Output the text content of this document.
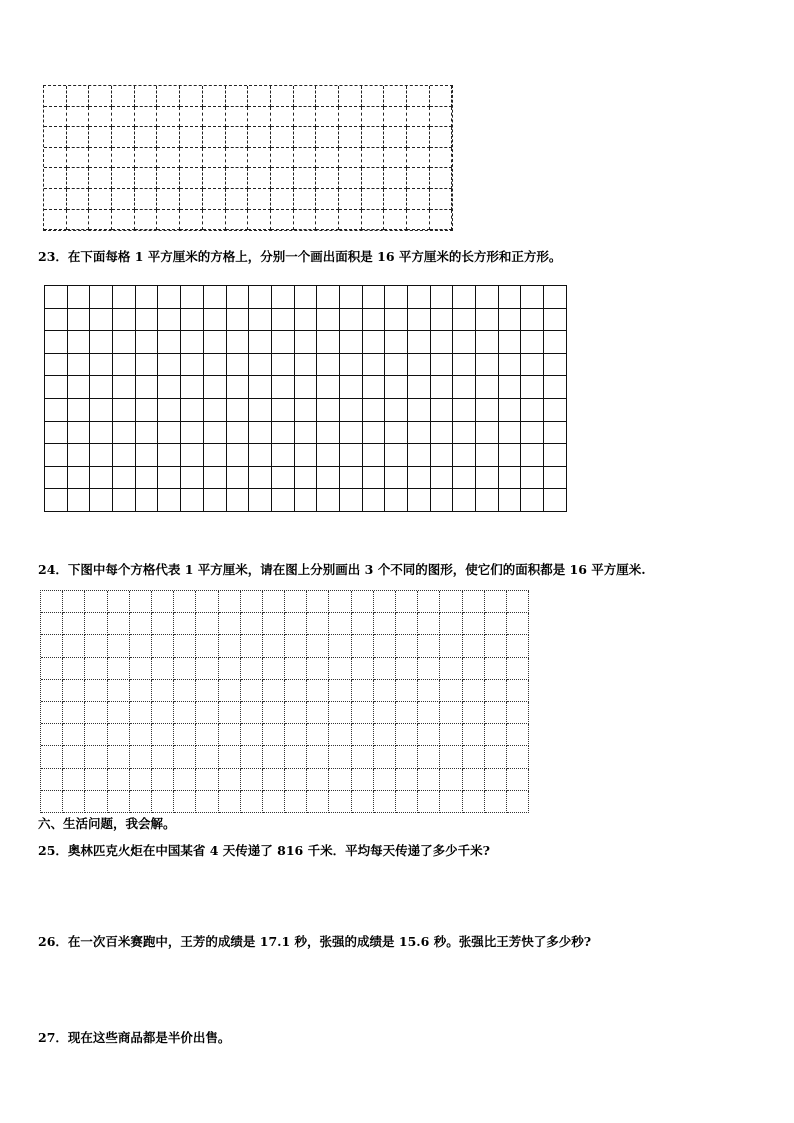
23．在下面每格 1 平方厘米的方格上，分别一个画出面积是 16 平方厘米的长方形和正方形。
24．下图中每个方格代表 1 平方厘米，请在图上分别画出 3 个不同的图形，使它们的面积都是 16 平方厘米.
六、生活问题，我会解。
25．奥林匹克火炬在中国某省 4 天传递了 816 千米．平均每天传递了多少千米?
26．在一次百米赛跑中，王芳的成绩是 17.1 秒，张强的成绩是 15.6 秒。张强比王芳快了多少秒?
27．现在这些商品都是半价出售。
